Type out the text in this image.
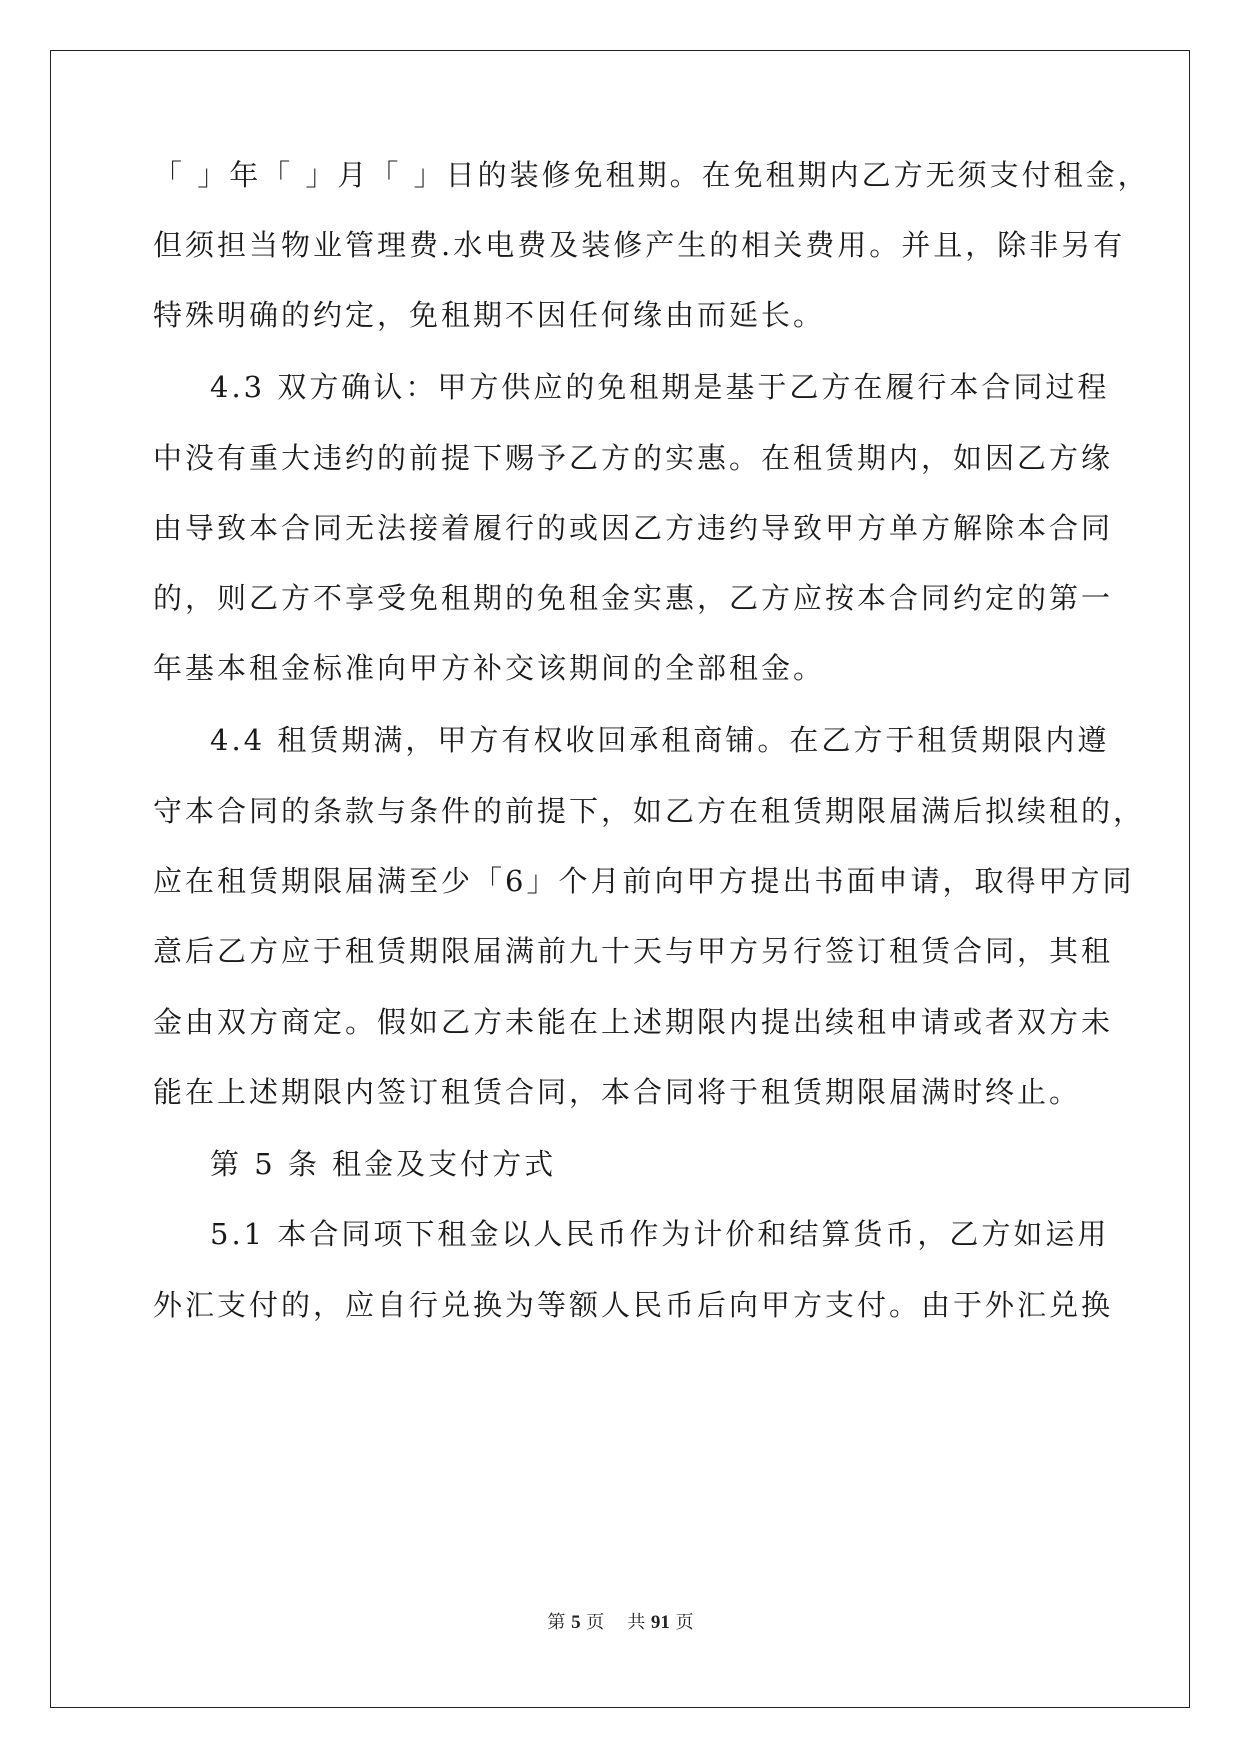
「 」年「 」月「 」日的装修免租期。在免租期内乙方无须支付租金，
但须担当物业管理费.水电费及装修产生的相关费用。并且，除非另有
特殊明确的约定，免租期不因任何缘由而延长。
4.3 双方确认：甲方供应的免租期是基于乙方在履行本合同过程
中没有重大违约的前提下赐予乙方的实惠。在租赁期内，如因乙方缘
由导致本合同无法接着履行的或因乙方违约导致甲方单方解除本合同
的，则乙方不享受免租期的免租金实惠，乙方应按本合同约定的第一
年基本租金标准向甲方补交该期间的全部租金。
4.4 租赁期满，甲方有权收回承租商铺。在乙方于租赁期限内遵
守本合同的条款与条件的前提下，如乙方在租赁期限届满后拟续租的，
应在租赁期限届满至少「6」个月前向甲方提出书面申请，取得甲方同
意后乙方应于租赁期限届满前九十天与甲方另行签订租赁合同，其租
金由双方商定。假如乙方未能在上述期限内提出续租申请或者双方未
能在上述期限内签订租赁合同，本合同将于租赁期限届满时终止。
第 5 条 租金及支付方式
5.1 本合同项下租金以人民币作为计价和结算货币，乙方如运用
外汇支付的，应自行兑换为等额人民币后向甲方支付。由于外汇兑换
第 5 页 共 91 页
